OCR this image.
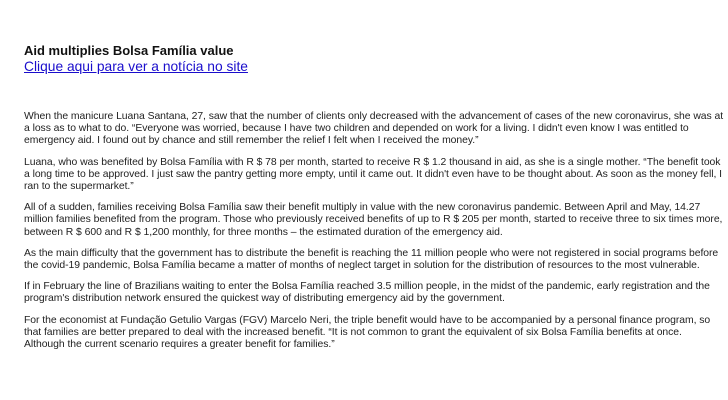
Aid multiplies Bolsa Família value
Clique aqui para ver a notícia no site

When the manicure Luana Santana, 27, saw that the number of clients only decreased with the advancement of cases of the new coronavirus, she was at a loss as to what to do. “Everyone was worried, because I have two children and depended on work for a living. I didn't even know I was entitled to emergency aid. I found out by chance and still remember the relief I felt when I received the money.”

Luana, who was benefited by Bolsa Família with R $ 78 per month, started to receive R $ 1.2 thousand in aid, as she is a single mother. “The benefit took a long time to be approved. I just saw the pantry getting more empty, until it came out. It didn't even have to be thought about. As soon as the money fell, I ran to the supermarket.”

All of a sudden, families receiving Bolsa Família saw their benefit multiply in value with the new coronavirus pandemic. Between April and May, 14.27 million families benefited from the program. Those who previously received benefits of up to R $ 205 per month, started to receive three to six times more, between R $ 600 and R $ 1,200 monthly, for three months – the estimated duration of the emergency aid.

As the main difficulty that the government has to distribute the benefit is reaching the 11 million people who were not registered in social programs before the covid-19 pandemic, Bolsa Família became a matter of months of neglect target in solution for the distribution of resources to the most vulnerable.

If in February the line of Brazilians waiting to enter the Bolsa Família reached 3.5 million people, in the midst of the pandemic, early registration and the program's distribution network ensured the quickest way of distributing emergency aid by the government.

For the economist at Fundação Getulio Vargas (FGV) Marcelo Neri, the triple benefit would have to be accompanied by a personal finance program, so that families are better prepared to deal with the increased benefit. “It is not common to grant the equivalent of six Bolsa Família benefits at once. Although the current scenario requires a greater benefit for families.”
